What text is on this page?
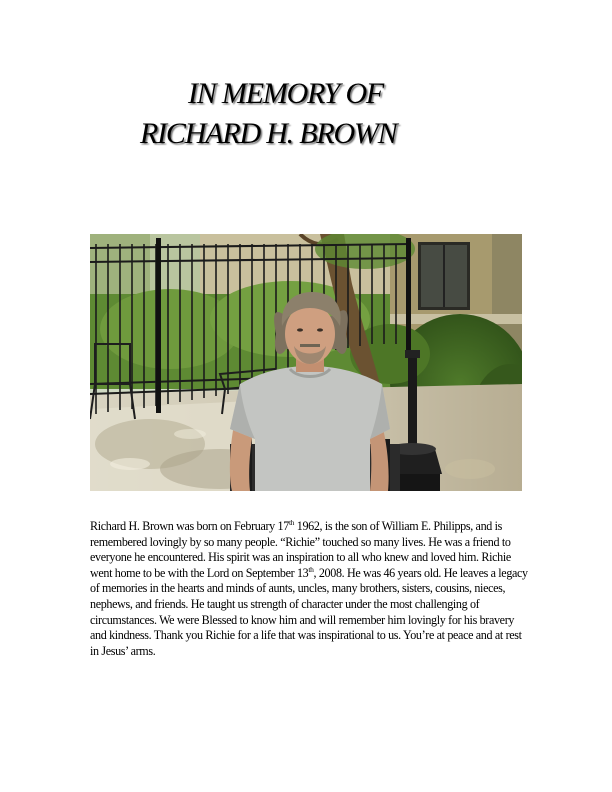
IN MEMORY OF
RICHARD H. BROWN
Richard H. Brown was born on February 17th 1962, is the son of William E. Philipps, and is remembered lovingly by so many people. “Richie” touched so many lives. He was a friend to everyone he encountered. His spirit was an inspiration to all who knew and loved him. Richie went home to be with the Lord on September 13th, 2008. He was 46 years old. He leaves a legacy of memories in the hearts and minds of aunts, uncles, many brothers, sisters, cousins, nieces, nephews, and friends. He taught us strength of character under the most challenging of circumstances. We were Blessed to know him and will remember him lovingly for his bravery and kindness. Thank you Richie for a life that was inspirational to us. You’re at peace and at rest in Jesus’ arms.
